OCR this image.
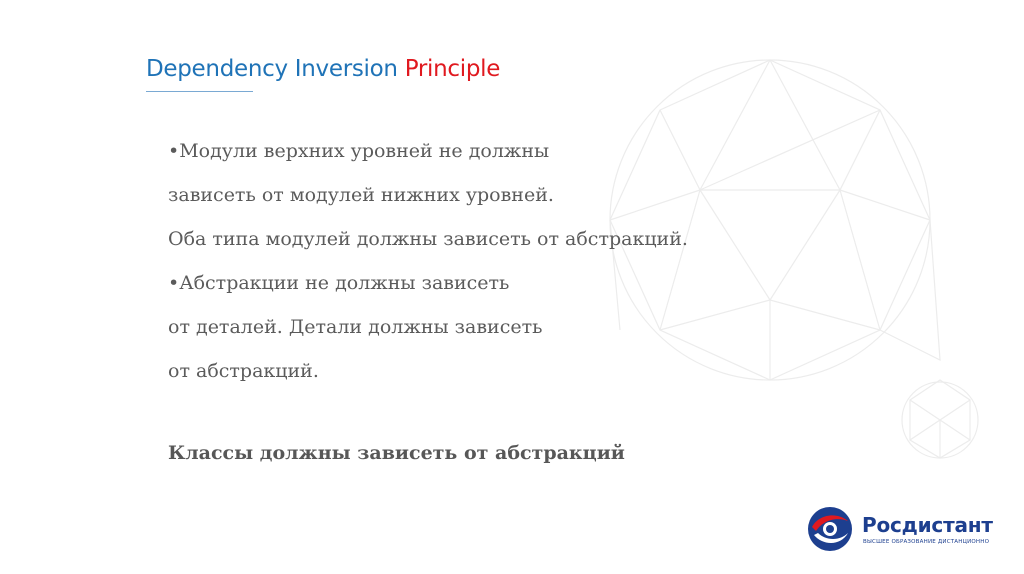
Dependency Inversion Principle
•Модули верхних уровней не должны
зависеть от модулей нижних уровней.
Оба типа модулей должны зависеть от абстракций.
•Абстракции не должны зависеть
от деталей. Детали должны зависеть
от абстракций.
Классы должны зависеть от абстракций
Росдистант
ВЫСШЕЕ ОБРАЗОВАНИЕ ДИСТАНЦИОННО
